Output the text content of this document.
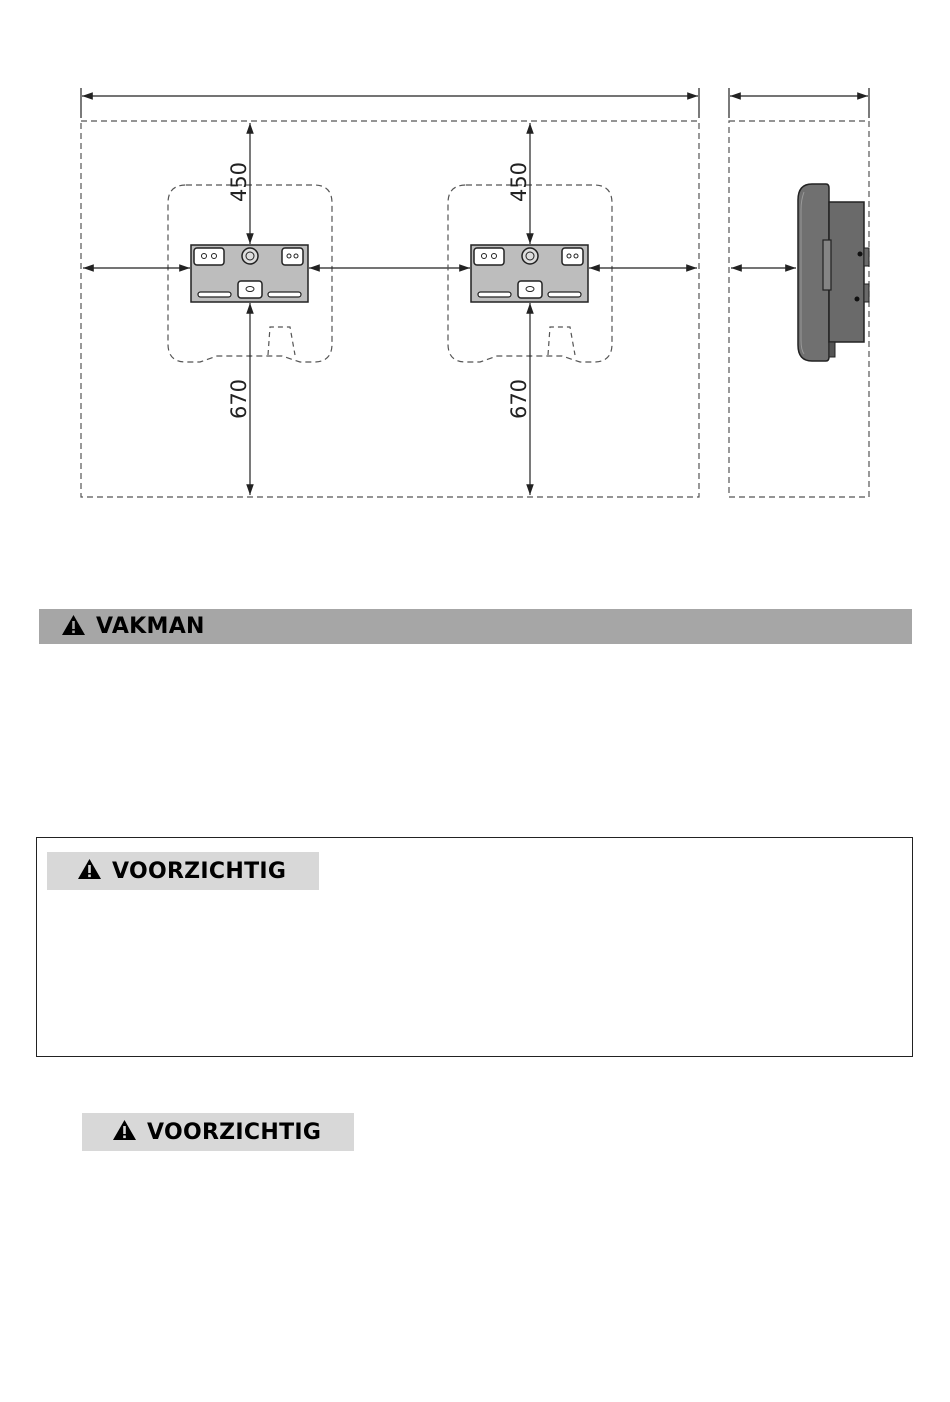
450
670
450
670
VAKMAN
VOORZICHTIG
VOORZICHTIG
